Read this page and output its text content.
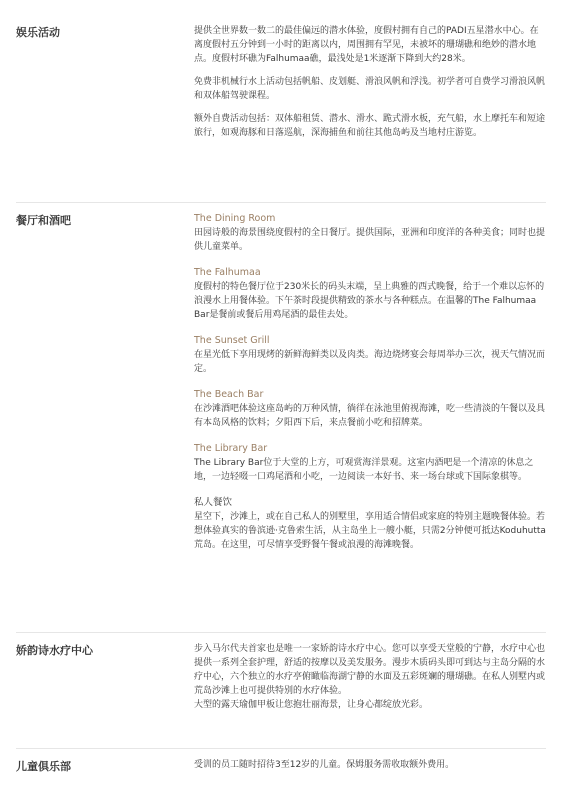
娱乐活动	提供全世界数一数二的最佳偏远的潜水体验，度假村拥有自己的PADI五星潜水中心。在离度假村五分钟到一小时的距离以内，周围拥有罕见，未被坏的珊瑚礁和绝妙的潜水地点。度假村环礁为Falhumaa礁，最浅处是1米逐渐下降到大约28米。

免费非机械行水上活动包括帆船、皮划艇、滑浪风帆和浮浅。初学者可自费学习滑浪风帆和双体船驾驶课程。

额外自费活动包括：双体船租赁、潜水、滑水、跪式滑水板，充气船，水上摩托车和短途旅行，如观海豚和日落巡航，深海捕鱼和前往其他岛屿及当地村庄游览。

餐厅和酒吧	The Dining Room
田园诗般的海景围绕度假村的全日餐厅。提供国际，亚洲和印度洋的各种美食；同时也提供儿童菜单。
The Falhumaa
度假村的特色餐厅位于230米长的码头末端，呈上典雅的西式晚餐，给于一个难以忘怀的浪漫水上用餐体验。下午茶时段提供精致的茶水与各种糕点。在温馨的The Falhumaa Bar是餐前或餐后用鸡尾酒的最佳去处。
The Sunset Grill
在星光低下享用现烤的新鲜海鲜类以及肉类。海边烧烤宴会每周举办三次，视天气情况而定。
The Beach Bar
在沙滩酒吧体验这座岛屿的万种风情，徜徉在泳池里俯视海滩，吃一些清淡的午餐以及具有本岛风格的饮料；夕阳西下后，来点餐前小吃和招牌菜。
The Library Bar
The Library Bar位于大堂的上方，可观赏海洋景观。这室内酒吧是一个清凉的休息之地，一边轻啜一口鸡尾酒和小吃，一边阅读一本好书、来一场台球或下国际象棋等。
私人餐饮
星空下，沙滩上，或在自己私人的别墅里，享用适合情侣或家庭的特别主题晚餐体验。若想体验真实的鲁滨逊·克鲁索生活，从主岛坐上一艘小艇，只需2分钟便可抵达Koduhutta荒岛。在这里，可尽情享受野餐午餐或浪漫的海滩晚餐。
娇韵诗水疗中心	步入马尔代夫首家也是唯一一家娇韵诗水疗中心。您可以享受天堂般的宁静，水疗中心也提供一系列全套护理，舒适的按摩以及美发服务。漫步木质码头即可到达与主岛分隔的水疗中心，六个独立的水疗亭俯瞰临海湖宁静的水面及五彩斑斓的珊瑚礁。在私人别墅内或荒岛沙滩上也可提供特别的水疗体验。

大型的露天瑜伽甲板让您抱壮丽海景，让身心都绽放光彩。

儿童俱乐部	受训的员工随时招待3至12岁的儿童。保姆服务需收取额外费用。
